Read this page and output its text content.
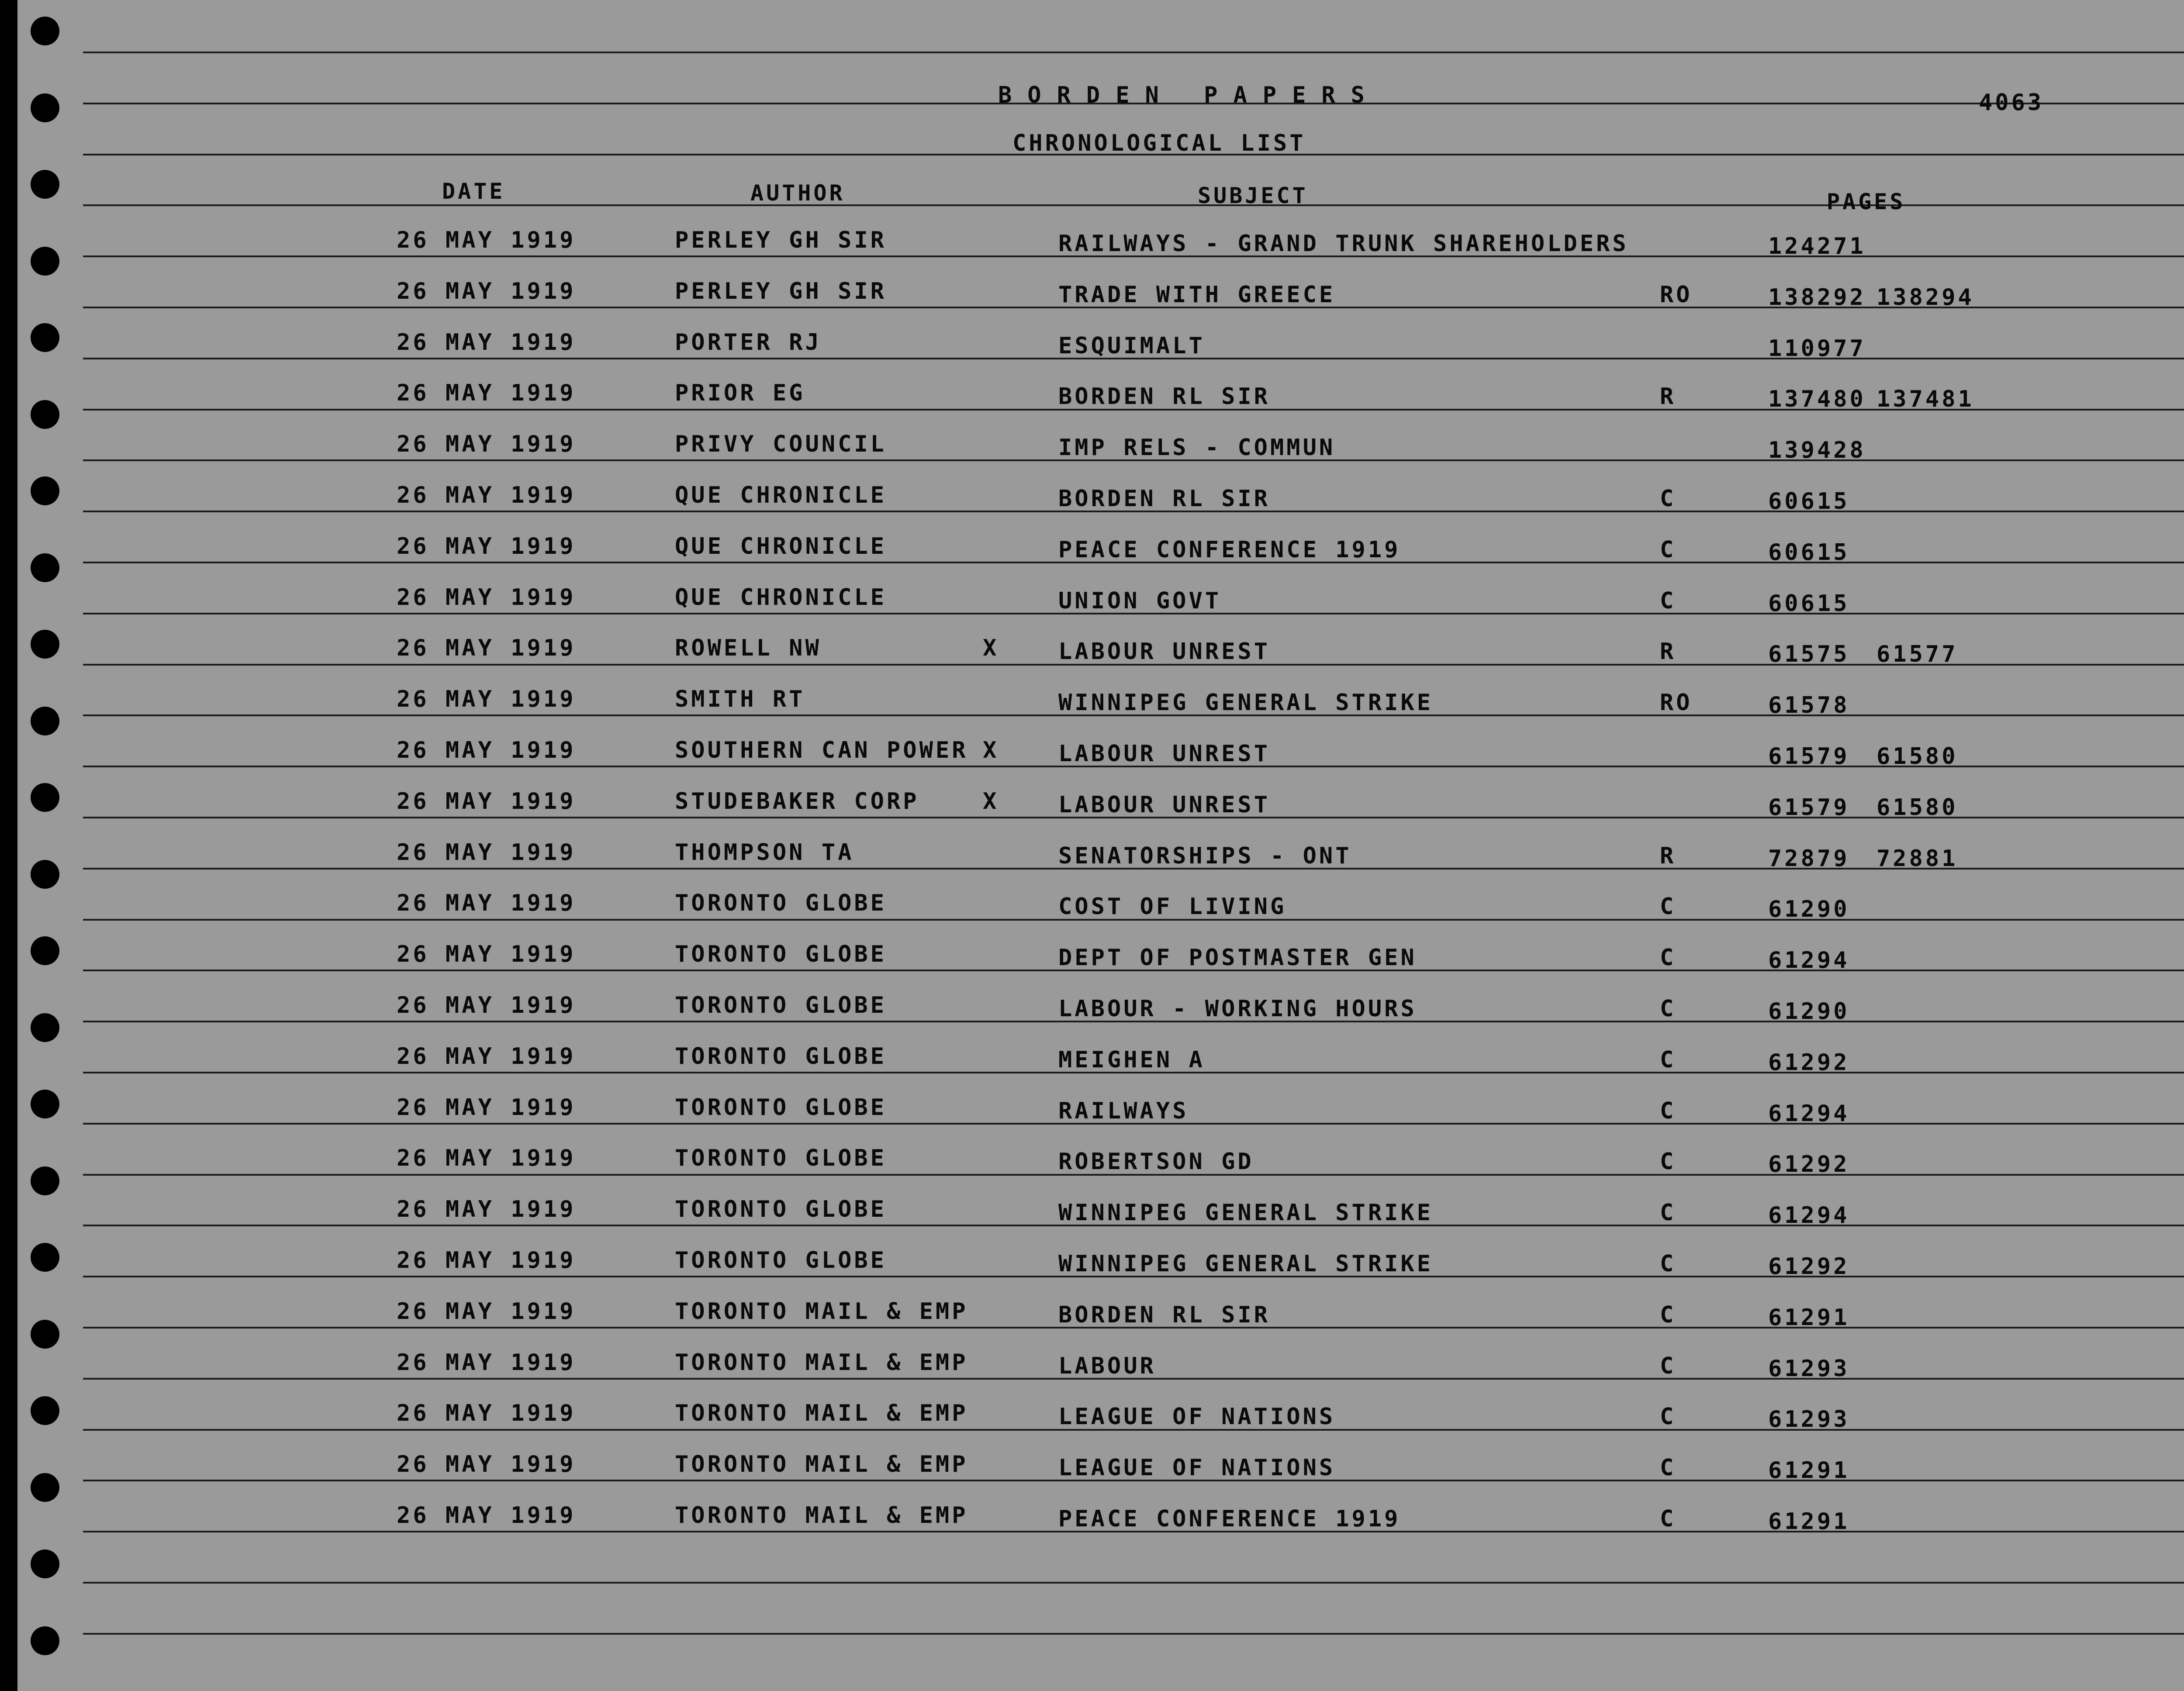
BORDEN PAPERS	4063
CHRONOLOGICAL LIST
DATE	AUTHOR	SUBJECT	PAGES
26 MAY 1919	PERLEY GH SIR	RAILWAYS - GRAND TRUNK SHAREHOLDERS	124271
26 MAY 1919	PERLEY GH SIR	TRADE WITH GREECE	RO	138292 138294
26 MAY 1919	PORTER RJ	ESQUIMALT	110977
26 MAY 1919	PRIOR EG	BORDEN RL SIR	R	137480 137481
26 MAY 1919	PRIVY COUNCIL	IMP RELS - COMMUN	139428
26 MAY 1919	QUE CHRONICLE	BORDEN RL SIR	C	60615
26 MAY 1919	QUE CHRONICLE	PEACE CONFERENCE 1919	C	60615
26 MAY 1919	QUE CHRONICLE	UNION GOVT	C	60615
26 MAY 1919	ROWELL NW	X	LABOUR UNREST	R	61575 61577
26 MAY 1919	SMITH RT	WINNIPEG GENERAL STRIKE	RO	61578
26 MAY 1919	SOUTHERN CAN POWER X	LABOUR UNREST	61579 61580
26 MAY 1919	STUDEBAKER CORP	X	LABOUR UNREST	61579 61580
26 MAY 1919	THOMPSON TA	SENATORSHIPS - ONT	R	72879 72881
26 MAY 1919	TORONTO GLOBE	COST OF LIVING	C	61290
26 MAY 1919	TORONTO GLOBE	DEPT OF POSTMASTER GEN	C	61294
26 MAY 1919	TORONTO GLOBE	LABOUR - WORKING HOURS	C	61290
26 MAY 1919	TORONTO GLOBE	MEIGHEN A	C	61292
26 MAY 1919	TORONTO GLOBE	RAILWAYS	C	61294
26 MAY 1919	TORONTO GLOBE	ROBERTSON GD	C	61292
26 MAY 1919	TORONTO GLOBE	WINNIPEG GENERAL STRIKE	C	61294
26 MAY 1919	TORONTO GLOBE	WINNIPEG GENERAL STRIKE	C	61292
26 MAY 1919	TORONTO MAIL & EMP	BORDEN RL SIR	C	61291
26 MAY 1919	TORONTO MAIL & EMP	LABOUR	C	61293
26 MAY 1919	TORONTO MAIL & EMP	LEAGUE OF NATIONS	C	61293
26 MAY 1919	TORONTO MAIL & EMP	LEAGUE OF NATIONS	C	61291
26 MAY 1919	TORONTO MAIL & EMP	PEACE CONFERENCE 1919	C	61291
